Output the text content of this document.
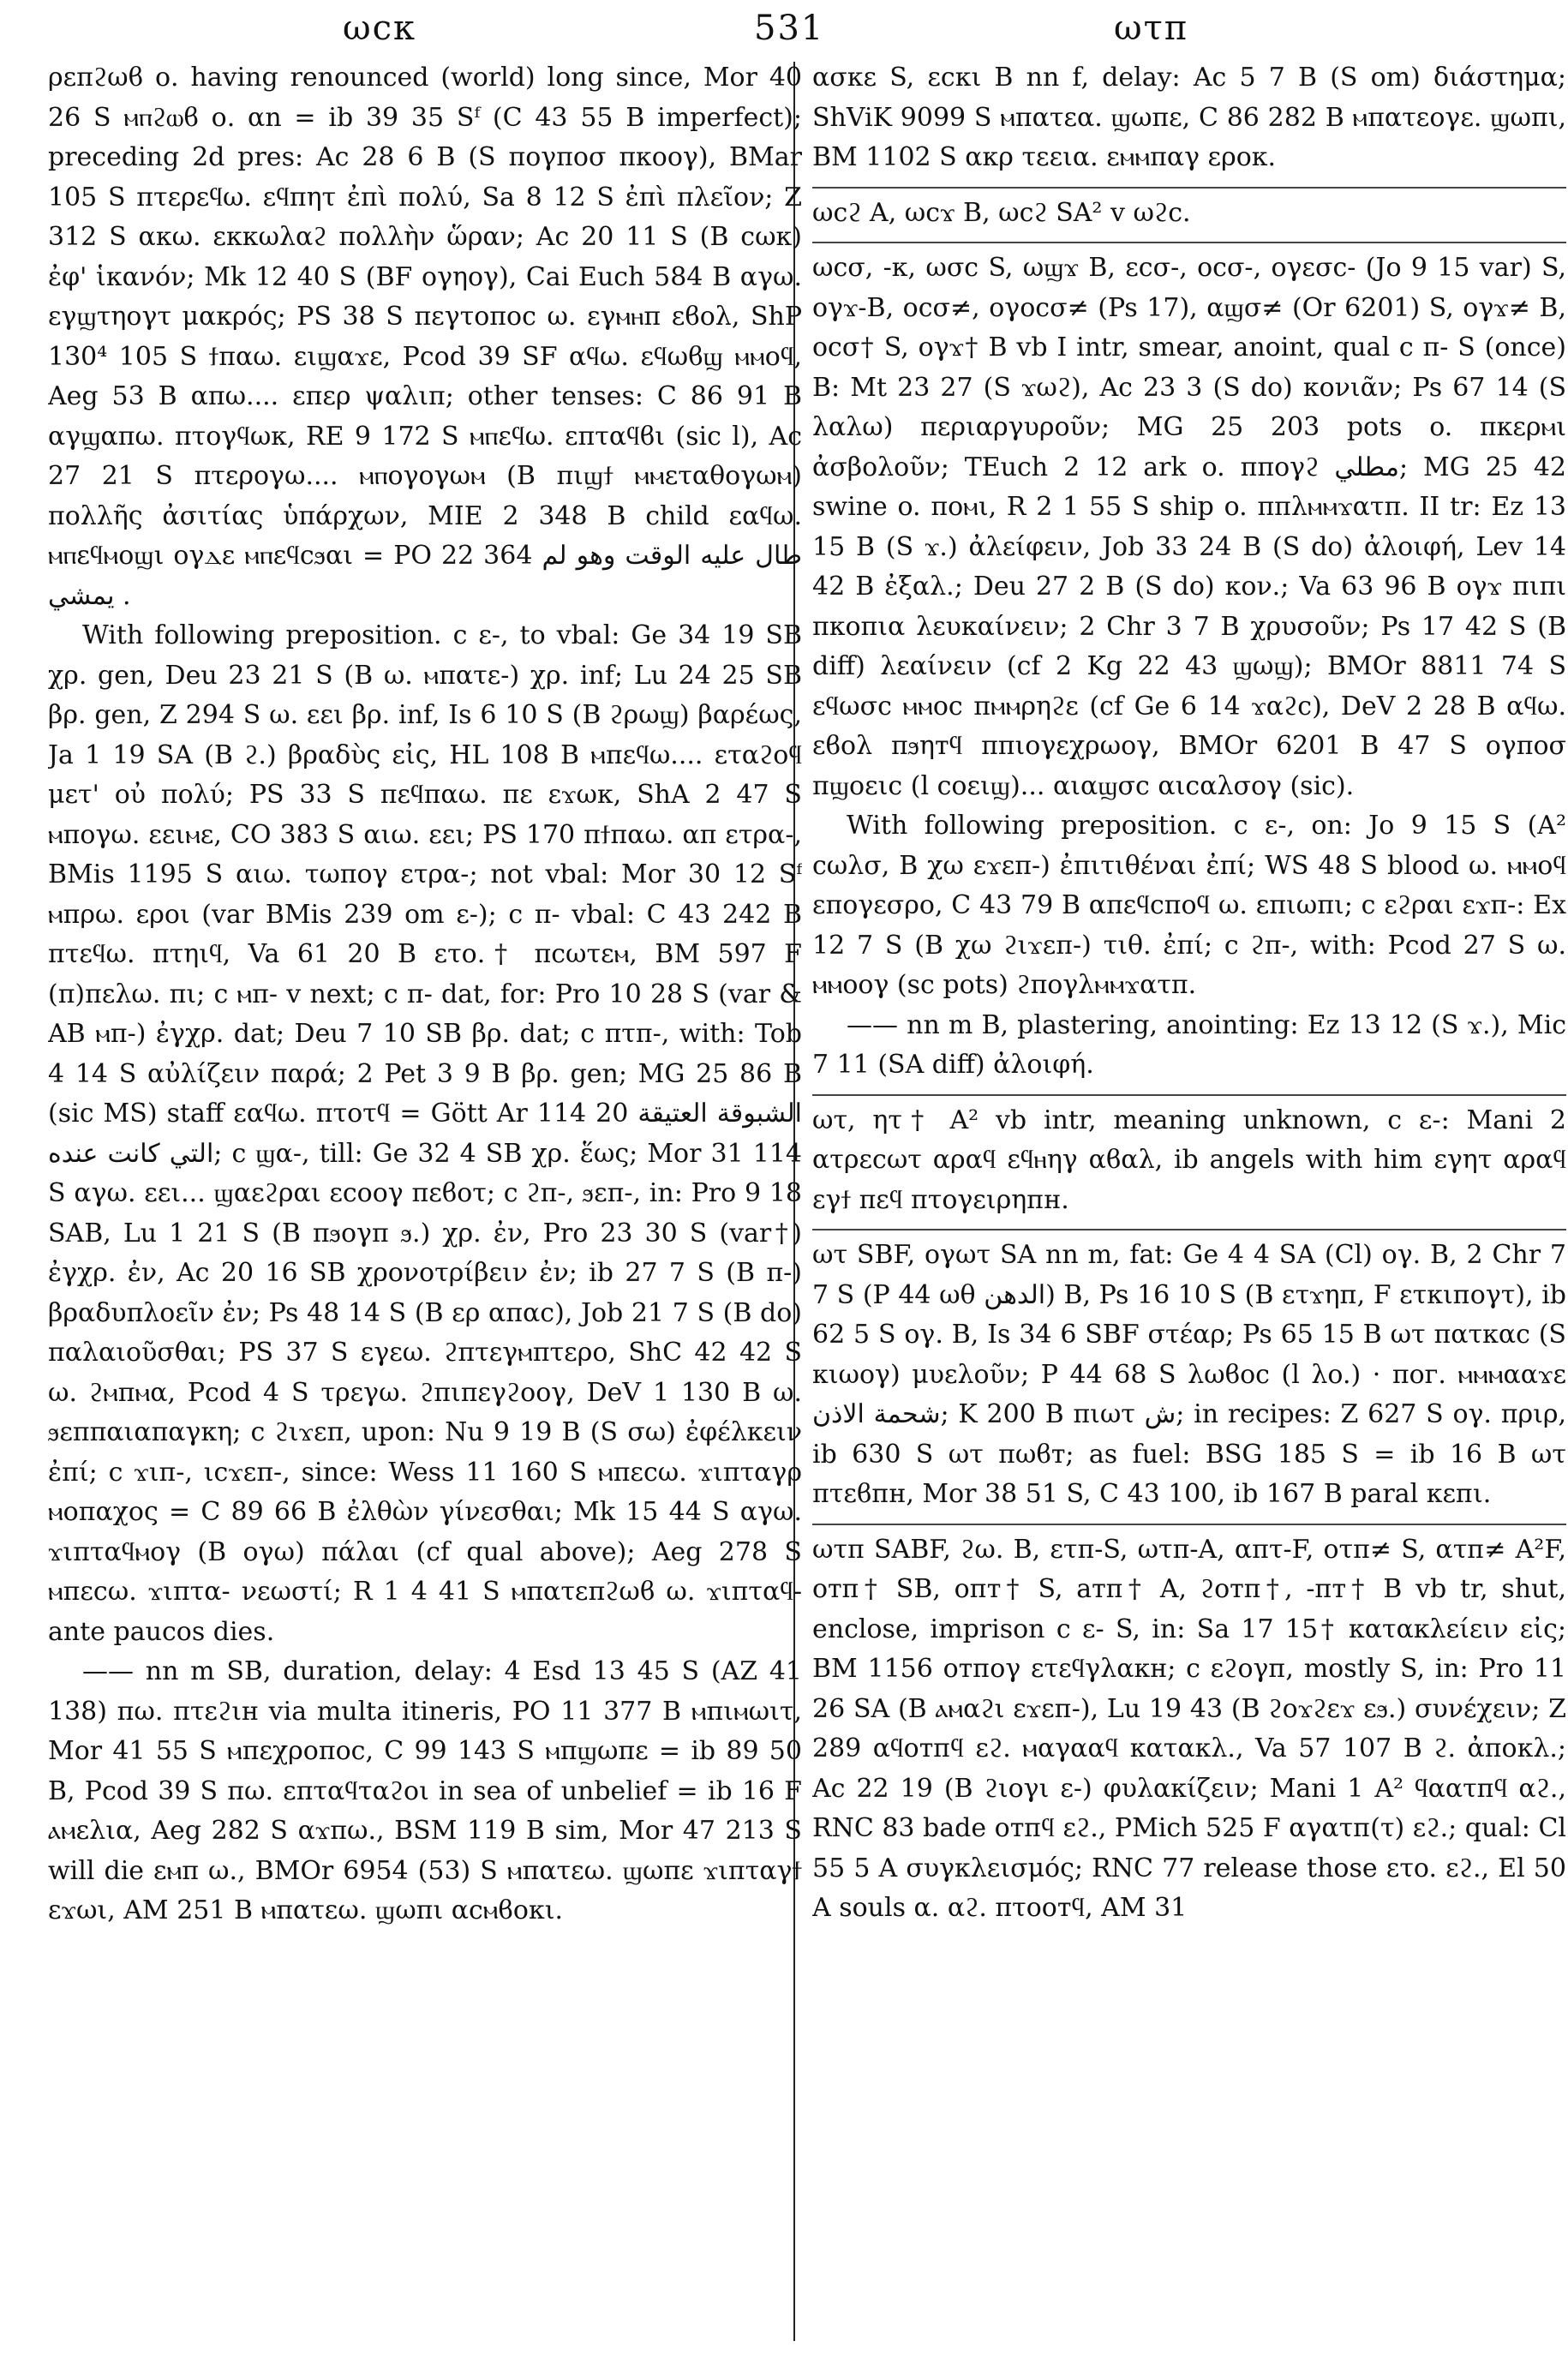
ωcκ	531	ωτπ

ρεπϩωϐ ο. having renounced (world) long since, Mor 40 26 S ⲙⲡϩⲱϐ ο. αn = ib 39 35 Sᶠ (C 43 55 B imperfect); preceding 2d pres: Ac 28 6 B (S πογποσ πκοογ), BMar 105 S πτερεϥω. εϥπητ ἐπὶ πολύ, Sa 8 12 S ἐπὶ πλεῖον; Z 312 S ακω. εκκωλαϩ πολλὴν ὥραν; Ac 20 11 S (B cωκ) ἐφ' ἱκανόν; Mk 12 40 S (BF ογηογ), Cai Euch 584 B αγω. εγϣτηογτ μακρός; PS 38 S πεγτοποс ω. εγⲙⲏπ εϐολ, ShP 130⁴ 105 S ϯπαω. ειϣαϫε, Pcod 39 SF αϥω. εϥωϐϣ ⲙⲙοϥ, Aeg 53 B απω.... επερ ψαλιπ; other tenses: C 86 91 B αγϣαπω. πτογϥωκ, RE 9 172 S ⲙⲡεϥω. επταϥϐι (sic l), Ac 27 21 S πτερογω.... ⲙⲡογογωⲙ (B πιϣϯ ⲙⲙεταθογωⲙ) πολλῆς ἀσιτίας ὑπάρχων, MIE 2 348 B child εαϥω. ⲙⲡεϥⲙοϣι ογⲇε ⲙⲡεϥcϧαι = PO 22 364 طال عليه الوقت وهو لم يمشي .

With following preposition. c ε-, to vbal: Ge 34 19 SB χρ. gen, Deu 23 21 S (B ω. ⲙπατε-) χρ. inf; Lu 24 25 SB βρ. gen, Z 294 S ω. εει βρ. inf, Is 6 10 S (B ϩρωϣ) βαρέως, Ja 1 19 SA (B ϩ.) βραδὺς εἰς, HL 108 B ⲙπεϥω.... εταϩοϥ μετ' οὐ πολύ; PS 33 S πεϥπαω. πε εϫωκ, ShA 2 47 S ⲙπογω. εειⲙε, CO 383 S αιω. εει; PS 170 πϯπαω. απ ετρα-, BMis 1195 S αιω. τωπογ ετρα-; not vbal: Mor 30 12 Sᶠ ⲙπρω. εροι (var BMis 239 om ε-); c π- vbal: C 43 242 B πτεϥω. πτηιϥ, Va 61 20 B ετο.† πcωτεⲙ, BM 597 F (π)πελω. πι; c ⲙπ- v next; c π- dat, for: Pro 10 28 S (var & AB ⲙπ-) ἐγχρ. dat; Deu 7 10 SB βρ. dat; c πτπ-, with: Tob 4 14 S αὐλίζειν παρά; 2 Pet 3 9 B βρ. gen; MG 25 86 B (sic MS) staff εαϥω. πτοτϥ = Gött Ar 114 20 الشبوقة العتيقة التي كانت عنده; c ϣα-, till: Ge 32 4 SB χρ. ἕως; Mor 31 114 S αγω. εει... ϣαεϩραι εcοογ πεϐοτ; c ϩπ-, ϧεπ-, in: Pro 9 18 SAB, Lu 1 21 S (B πϧογπ ϧ.) χρ. ἐν, Pro 23 30 S (var†) ἐγχρ. ἐν, Ac 20 16 SB χρονοτρίβειν ἐν; ib 27 7 S (B π-) βραδυπλοεῖν ἐν; Ps 48 14 S (B ερ απαс), Job 21 7 S (B do) παλαιοῦσθαι; PS 37 S εγεω. ϩπτεγⲙπτερο, ShC 42 42 S ω. ϩⲙπⲙα, Pcod 4 S τρεγω. ϩπιπεγϩοογ, DeV 1 130 B ω. ϧεππαιαπαγκη; c ϩιϫεπ, upon: Nu 9 19 B (S σω) ἐφέλκειν ἐπί; c ϫιπ-, ιcϫεπ-, since: Wess 11 160 S ⲙπεcω. ϫιπταγρ ⲙοπαχος = C 89 66 B ἐλθὼν γίνεσθαι; Mk 15 44 S αγω. ϫιπταϥⲙογ (B ογω) πάλαι (cf qual above); Aeg 278 S ⲙπεcω. ϫιπτα- νεωστί; R 1 4 41 S ⲙπατεπϩωϐ ω. ϫιπταϥ- ante paucos dies.

—— nn m SB, duration, delay: 4 Esd 13 45 S (AZ 41 138) πω. πτεϩιн via multa itineris, PO 11 377 B ⲙπιⲙωιτ, Mor 41 55 S ⲙπεχροποс, C 99 143 S ⲙπϣωπε = ib 89 50 B, Pcod 39 S πω. επταϥταϩοι in sea of unbelief = ib 16 F ⲁⲙελια, Aeg 282 S αϫπω., BSM 119 B sim, Mor 47 213 S will die εⲙπ ω., BMOr 6954 (53) S ⲙπατεω. ϣωπε ϫιπταγϯ εϫωι, AM 251 B ⲙπατεω. ϣωπι αcⲙϐοκι.

ασκε S, εcκι B nn f, delay: Ac 5 7 B (S om) διάστημα; ShViK 9099 S ⲙπατεα. ϣωπε, C 86 282 B ⲙπατεογε. ϣωπι, BM 1102 S ακρ τεεια. εⲙⲙπαγ ερoκ.

ωcϩ A, ωcϫ B, ωcϩ SA² v ωϩc.

ωcσ, -κ, ωσc S, ωϣϫ B, εcσ-, ocσ-, ογεσc- (Jo 9 15 var) S, ογϫ-B, ocσ≠, ογocσ≠ (Ps 17), αϣσ≠ (Or 6201) S, ογϫ≠ B, ocσ† S, ογϫ† B vb I intr, smear, anoint, qual c π- S (once) B: Mt 23 27 (S ϫωϩ), Ac 23 3 (S do) κονιᾶν; Ps 67 14 (S λαλω) περιαργυροῦν; MG 25 203 pots o. πκερⲙι ἀσβολοῦν; TEuch 2 12 ark o. ππογϩ مطلي; MG 25 42 swine o. ποⲙι, R 2 1 55 S ship o. ππλⲙⲙϫατπ. II tr: Ez 13 15 B (S ϫ.) ἀλείφειν, Job 33 24 B (S do) ἀλοιφή, Lev 14 42 B ἐξαλ.; Deu 27 2 B (S do) κον.; Va 63 96 B ογϫ πιπι πκοπια λευκαίνειν; 2 Chr 3 7 B χρυσοῦν; Ps 17 42 S (B diff) λεαίνειν (cf 2 Kg 22 43 ϣωϣ); BMOr 8811 74 S εϥωσc ⲙⲙοс πⲙⲙρηϩε (cf Ge 6 14 ϫαϩc), DeV 2 28 B αϥω. εϐολ πϧηтϥ ππιογεχρωογ, BMOr 6201 B 47 S ογποσ πϣοειс (l coειϣ)... αιαϣσc αιcαλσογ (sic).

With following preposition. c ε-, on: Jo 9 15 S (A² cωλσ, B χω εϫεπ-) ἐπιτιθέναι ἐπί; WS 48 S blood ω. ⲙⲙοϥ επογεσρο, C 43 79 B απεϥcπoϥ ω. επιωπι; c εϩραι εϫπ-: Ex 12 7 S (B χω ϩιϫεπ-) τιθ. ἐπί; c ϩπ-, with: Pcod 27 S ω. ⲙⲙοογ (sc pots) ϩπογλⲙⲙϫατπ.

—— nn m B, plastering, anointing: Ez 13 12 (S ϫ.), Mic 7 11 (SA diff) ἀλοιφή.

ωτ, ητ† A² vb intr, meaning unknown, c ε-: Mani 2 ατρεcωτ αραϥ εϥⲏηγ αϐαλ, ib angels with him εγητ αραϥ εγϯ πεϥ πτογειρηпн.

ωτ SBF, ογωτ SA nn m, fat: Ge 4 4 SA (Cl) ογ. B, 2 Chr 7 7 S (P 44 ωθ الدهن) B, Ps 16 10 S (B ετϫηп, F ετκιпογτ), ib 62 5 S ογ. B, Is 34 6 SBF στέαρ; Ps 65 15 B ωτ πατκαс (S κιωογ) μυελοῦν; P 44 68 S λωϐoс (l λo.) · ποг. ⲙⲙⲙααϫε شحمة الاذن; K 200 B πιωτ ش; in recipes: Z 627 S ογ. πριρ, ib 630 S ωτ πωϐт; as fuel: BSG 185 S = ib 16 B ωτ πτεϐпн, Mor 38 51 S, C 43 100, ib 167 B paral κεпι.

ωτπ SABF, ϩω. B, ετπ-S, ωτπ-A, απτ-F, οτπ≠ S, ατп≠ A²F, oтп† SB, oпт† S, aтп† A, ϩoтп†, -пт† B vb tr, shut, enclose, imprison c ε- S, in: Sa 17 15† κατακλείειν εἰς; BM 1156 oтпογ ετεϥγλακн; c εϩογп, mostly S, in: Pro 11 26 SA (B ⲁⲙαϩι εϫεп-), Lu 19 43 (B ϩoϫϩεϫ εϧ.) συνέχειν; Z 289 αϥoтпϥ εϩ. ⲙαγααϥ κατακλ., Va 57 107 B ϩ. ἀποκλ.; Ac 22 19 (B ϩιογι ε-) φυλακίζειν; Mani 1 A² ϥαατпϥ αϩ., RNC 83 bade oтпϥ εϩ., PMich 525 F αγατп(τ) εϩ.; qual: Cl 55 5 A συγκλεισμός; RNC 77 release those ετo. εϩ., El 50 A souls α. αϩ. πτooтϥ, AM 31
